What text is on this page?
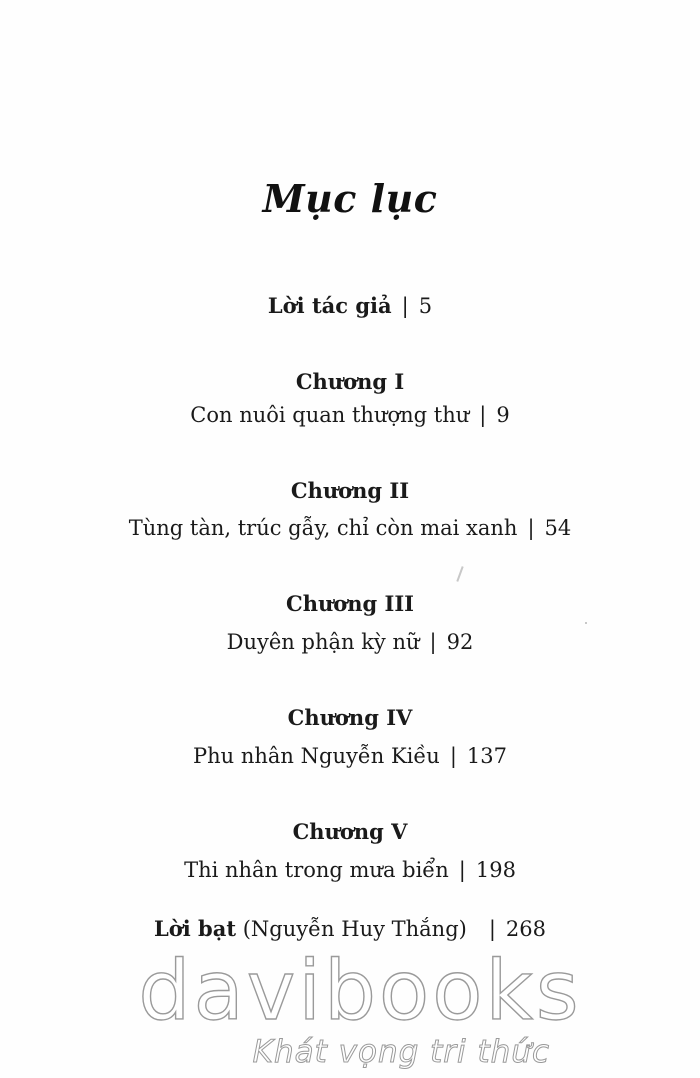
Mục lục
Lời tác giả | 5
Chương I
Con nuôi quan thượng thư | 9
Chương II
Tùng tàn, trúc gẫy, chỉ còn mai xanh | 54
Chương III
Duyên phận kỳ nữ | 92
Chương IV
Phu nhân Nguyễn Kiều | 137
Chương V
Thi nhân trong mưa biển | 198
Lời bạt (Nguyễn Huy Thắng) | 268
davibooks
Khát vọng tri thức
